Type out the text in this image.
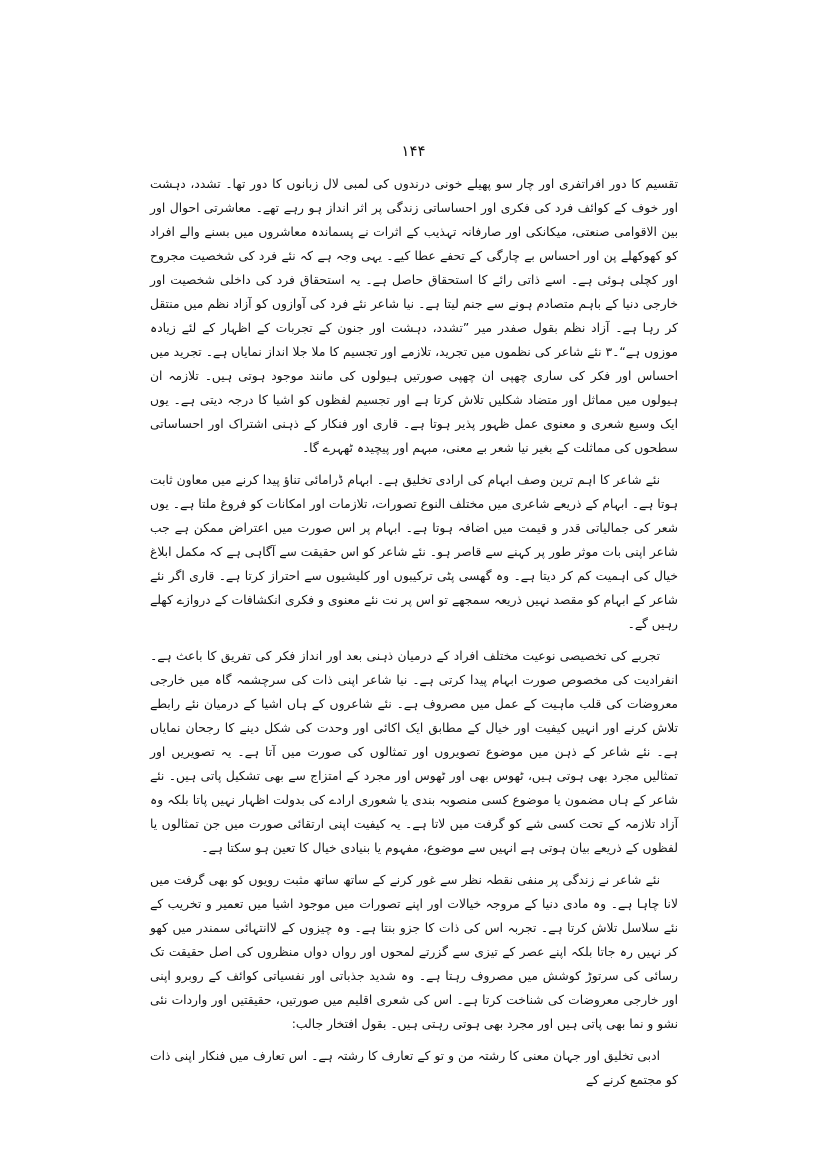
۱۴۴

تقسیم کا دور افراتفری اور چار سو پھیلے خونی درندوں کی لمبی لال زبانوں کا دور تھا۔ تشدد، دہشت اور خوف کے کوائف فرد کی فکری اور احساساتی زندگی پر اثر انداز ہو رہے تھے۔ معاشرتی احوال اور بین الاقوامی صنعتی، میکانکی اور صارفانہ تہذیب کے اثرات نے پسماندہ معاشروں میں بسنے والے افراد کو کھوکھلے پن اور احساس بے چارگی کے تحفے عطا کیے۔ یہی وجہ ہے کہ نئے فرد کی شخصیت مجروح اور کچلی ہوئی ہے۔ اسے ذاتی رائے کا استحقاق حاصل ہے۔ یہ استحقاق فرد کی داخلی شخصیت اور خارجی دنیا کے باہم متصادم ہونے سے جنم لیتا ہے۔ نیا شاعر نئے فرد کی آوازوں کو آزاد نظم میں منتقل کر رہا ہے۔ آزاد نظم بقول صفدر میر ”تشدد، دہشت اور جنون کے تجربات کے اظہار کے لئے زیادہ موزوں ہے“۔۳ نئے شاعر کی نظموں میں تجرید، تلازمے اور تجسیم کا ملا جلا انداز نمایاں ہے۔ تجرید میں احساس اور فکر کی ساری چھپی ان چھپی صورتیں ہیولوں کی مانند موجود ہوتی ہیں۔ تلازمہ ان ہیولوں میں مماثل اور متضاد شکلیں تلاش کرتا ہے اور تجسیم لفظوں کو اشیا کا درجہ دیتی ہے۔ یوں ایک وسیع شعری و معنوی عمل ظہور پذیر ہوتا ہے۔ قاری اور فنکار کے ذہنی اشتراک اور احساساتی سطحوں کی مماثلت کے بغیر نیا شعر بے معنی، مبہم اور پیچیدہ ٹھہرے گا۔

نئے شاعر کا اہم ترین وصف ابہام کی ارادی تخلیق ہے۔ ابہام ڈرامائی تناؤ پیدا کرنے میں معاون ثابت ہوتا ہے۔ ابہام کے ذریعے شاعری میں مختلف النوع تصورات، تلازمات اور امکانات کو فروغ ملتا ہے۔ یوں شعر کی جمالیاتی قدر و قیمت میں اضافہ ہوتا ہے۔ ابہام پر اس صورت میں اعتراض ممکن ہے جب شاعر اپنی بات موثر طور پر کہنے سے قاصر ہو۔ نئے شاعر کو اس حقیقت سے آگاہی ہے کہ مکمل ابلاغ خیال کی اہمیت کم کر دیتا ہے۔ وہ گھسی پٹی ترکیبوں اور کلیشیوں سے احتراز کرتا ہے۔ قاری اگر نئے شاعر کے ابہام کو مقصد نہیں ذریعہ سمجھے تو اس پر نت نئے معنوی و فکری انکشافات کے دروازے کھلے رہیں گے۔

تجربے کی تخصیصی نوعیت مختلف افراد کے درمیان ذہنی بعد اور انداز فکر کی تفریق کا باعث ہے۔ انفرادیت کی مخصوص صورت ابہام پیدا کرتی ہے۔ نیا شاعر اپنی ذات کی سرچشمہ گاہ میں خارجی معروضات کی قلب ماہیت کے عمل میں مصروف ہے۔ نئے شاعروں کے ہاں اشیا کے درمیان نئے رابطے تلاش کرنے اور انہیں کیفیت اور خیال کے مطابق ایک اکائی اور وحدت کی شکل دینے کا رجحان نمایاں ہے۔ نئے شاعر کے ذہن میں موضوع تصویروں اور تمثالوں کی صورت میں آتا ہے۔ یہ تصویریں اور تمثالیں مجرد بھی ہوتی ہیں، ٹھوس بھی اور ٹھوس اور مجرد کے امتزاج سے بھی تشکیل پاتی ہیں۔ نئے شاعر کے ہاں مضمون یا موضوع کسی منصوبہ بندی یا شعوری ارادے کی بدولت اظہار نہیں پاتا بلکہ وہ آزاد تلازمہ کے تحت کسی شے کو گرفت میں لاتا ہے۔ یہ کیفیت اپنی ارتقائی صورت میں جن تمثالوں یا لفظوں کے ذریعے بیان ہوتی ہے انہیں سے موضوع، مفہوم یا بنیادی خیال کا تعین ہو سکتا ہے۔

نئے شاعر نے زندگی پر منفی نقطہ نظر سے غور کرنے کے ساتھ ساتھ مثبت رویوں کو بھی گرفت میں لانا چاہا ہے۔ وہ مادی دنیا کے مروجہ خیالات اور اپنے تصورات میں موجود اشیا میں تعمیر و تخریب کے نئے سلاسل تلاش کرتا ہے۔ تجربہ اس کی ذات کا جزو بنتا ہے۔ وہ چیزوں کے لاانتہائی سمندر میں کھو کر نہیں رہ جاتا بلکہ اپنے عصر کے تیزی سے گزرتے لمحوں اور رواں دواں منظروں کی اصل حقیقت تک رسائی کی سرتوڑ کوشش میں مصروف رہتا ہے۔ وہ شدید جذباتی اور نفسیاتی کوائف کے روبرو اپنی اور خارجی معروضات کی شناخت کرتا ہے۔ اس کی شعری اقلیم میں صورتیں، حقیقتیں اور واردات نئی نشو و نما بھی پاتی ہیں اور مجرد بھی ہوتی رہتی ہیں۔ بقول افتخار جالب:

ادبی تخلیق اور جہان معنی کا رشتہ من و تو کے تعارف کا رشتہ ہے۔ اس تعارف میں فنکار اپنی ذات کو مجتمع کرنے کے
